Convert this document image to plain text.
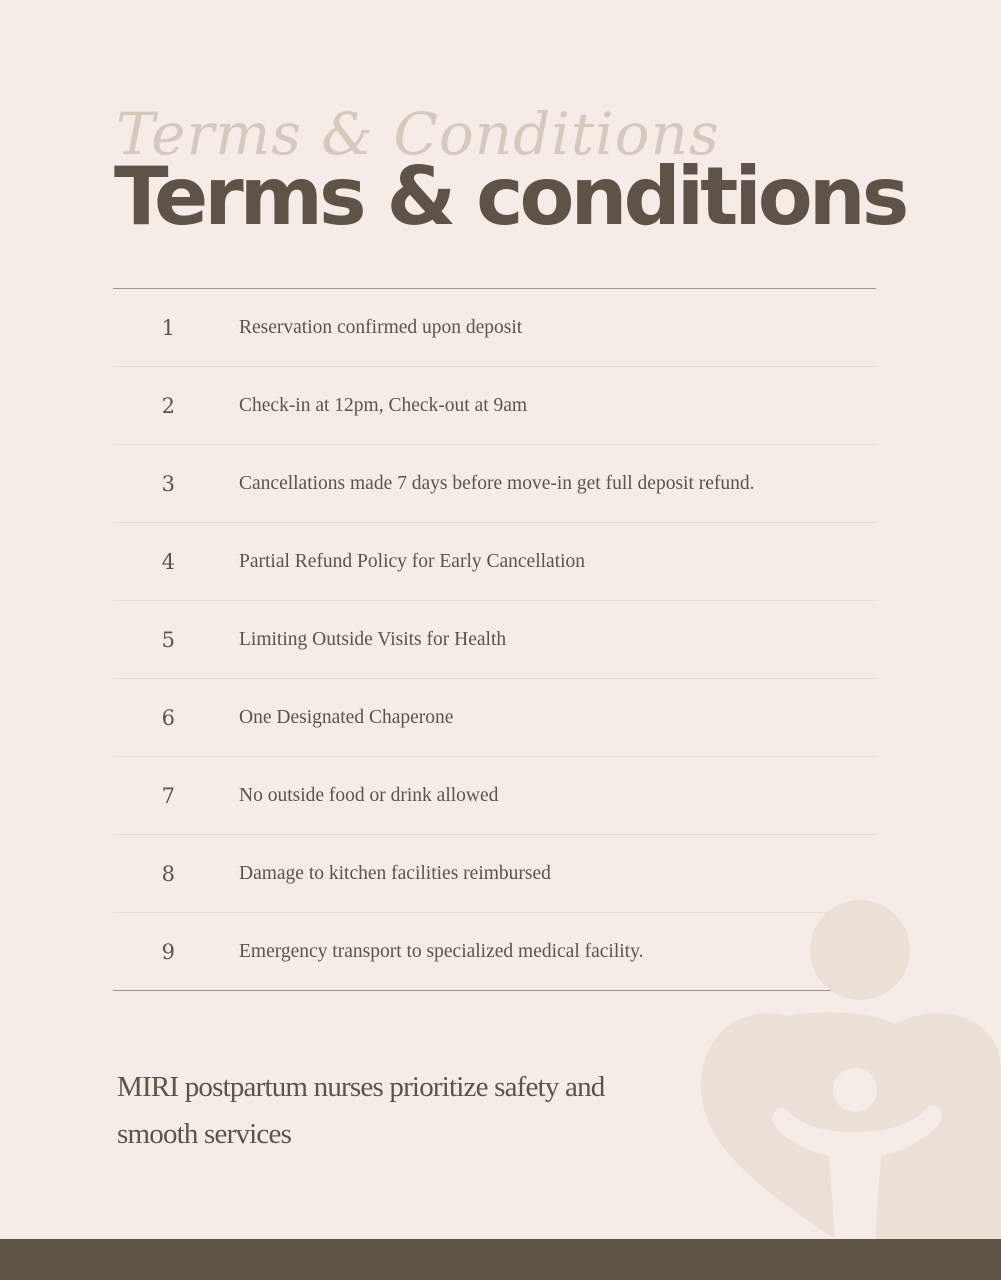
Terms & Conditions
Terms & conditions
1	Reservation confirmed upon deposit
2	Check-in at 12pm, Check-out at 9am
3	Cancellations made 7 days before move-in get full deposit refund.
4	Partial Refund Policy for Early Cancellation
5	Limiting Outside Visits for Health
6	One Designated Chaperone
7	No outside food or drink allowed
8	Damage to kitchen facilities reimbursed
9	Emergency transport to specialized medical facility.
MIRI postpartum nurses prioritize safety and smooth services
